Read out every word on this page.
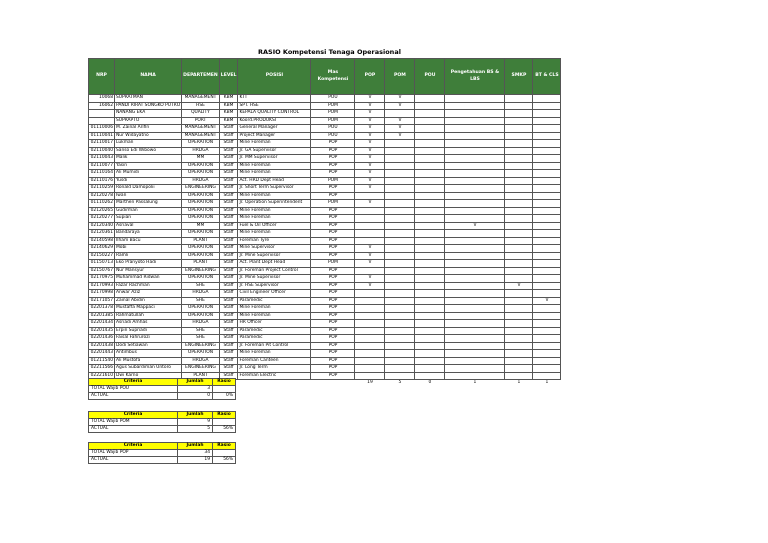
RASIO Kompetensi Tenaga Operasional
NRP	NAMA	DEPARTEMEN	LEVEL	POSISI	Mas Kompetensi	POP	POM	POU	Pengetahuan BS & LBS	SMKP	BT & CLS
10068	SUPRATMAN	MANAGEMENT	KBM	KTT	POU	V	V				
16062	PANDI RIRAT SONGKO PUTRO	HSE	KBM	SPT. HSE	POM	V	V				
	NANANG EKA	QUALITY	KBM	KEPALA QUALITY CONTROL	POM	V					
	SUPRAPTO	PORT	KBM	Koord.PRODUKSI	POM	V	V				
01110006	M. Zainal Arifin	MANAGEMENT	Staff	General Manager	POU	V	V				
01110041	Nur Widayatno	MANAGEMENT	Staff	Project Manager	POU	V	V				
02110017	Lukman	OPERATION	Staff	Mine Foreman	POP	V					
02110040	Sanso Edi Wibowo	HRDGA	Staff	Jr. GA Supervisor	POP	V					
02110043	Malik	MM	Staff	Jr. MM Supervisor	POP	V					
02110077	Yasin	OPERATION	Staff	Mine Foreman	POP	V					
02110164	Ali Mumidi	OPERATION	Staff	Mine Foreman	POP	V					
02110176	Yusdi	HRDGA	Staff	Act. HRD Dept Head	POM	V					
02110259	Ronald Damopolii	ENGINEERING	Staff	Jr. Short Term Supervisor	POP	V					
02120278	Iwan	OPERATION	Staff	Mine Foreman	POP						
01110262	Marthen Passalung	OPERATION	Staff	Jr. Operation Superintendent	POM	V					
02120265	Gudirman	OPERATION	Staff	Mine Foreman	POP						
02120277	Supian	OPERATION	Staff	Mine Foreman	POP						
02120340	Asriaval	MM	Staff	Fuel & Oil Officer	POP				V		
02120361	Bandaraya	OPERATION	Staff	Mine Foreman	POP						
02140598	Ilham Bacu	PLANT	Staff	Foreman Tyre	POP						
02140629	Mobi	OPERATION	Staff	Mine Supervisor	POP	V					
02150227	Ramli	OPERATION	Staff	Jr. Mine Supervisor	POP	V					
01150713	Eko Pranyoto Hadi	PLANT	Staff	Act. Plant Dept Head	POM	V					
02150767	Nur Mansyur	ENGINEERING	Staff	Jr. Foreman Project Control	POP						
02170975	Muhammad Ridwan	OPERATION	Staff	Jr. Mine Supervisor	POP	V					
02170993	Fazar Rachman	SHE	Staff	Jr. HSE Supervisor	POP	V				V	
02170998	Anwar Aziz	HRDGA	Staff	Civil Engineer Officer	POP						
02171057	Zainal Abidin	SHE	Staff	Paramedic	POP						V
02201378	Mustaffa Mappaci	OPERATION	Staff	Mine Foreman	POP						
02201385	Rahmatullah	OPERATION	Staff	Mine Foreman	POP						
02201434	Asriadi Amhas	HRDGA	Staff	HR Officer	POP						
02201435	Erpin Supriadi	SHE	Staff	Paramedic	POP						
02201436	Faisal Fahrurozi	SHE	Staff	Paramedic	POP						
02201438	Dodi Setiawan	ENGINEERING	Staff	Jr. Foreman Pit Control	POP						
02201443	Antimbus	OPERATION	Staff	Mine Foreman	POP						
01211540	Ali Mustofa	HRDGA	Staff	Foreman Canteen	POP						
02211566	Agus Subardiman Untoro	ENGINEERING	Staff	Jr. Long Term	POP						
02221610	Dwi Karno	PLANT	Staff	Foreman Electric	POP						
						19	5	0	1	1	1
Criteria	Jumlah	Rasio
TOTAL Wajib POU	3	
ACTUAL	0	0%
Criteria	Jumlah	Rasio
TOTAL Wajib POM	9	
ACTUAL	5	56%
Criteria	Jumlah	Rasio
TOTAL Wajib POP	34	
ACTUAL	19	56%
